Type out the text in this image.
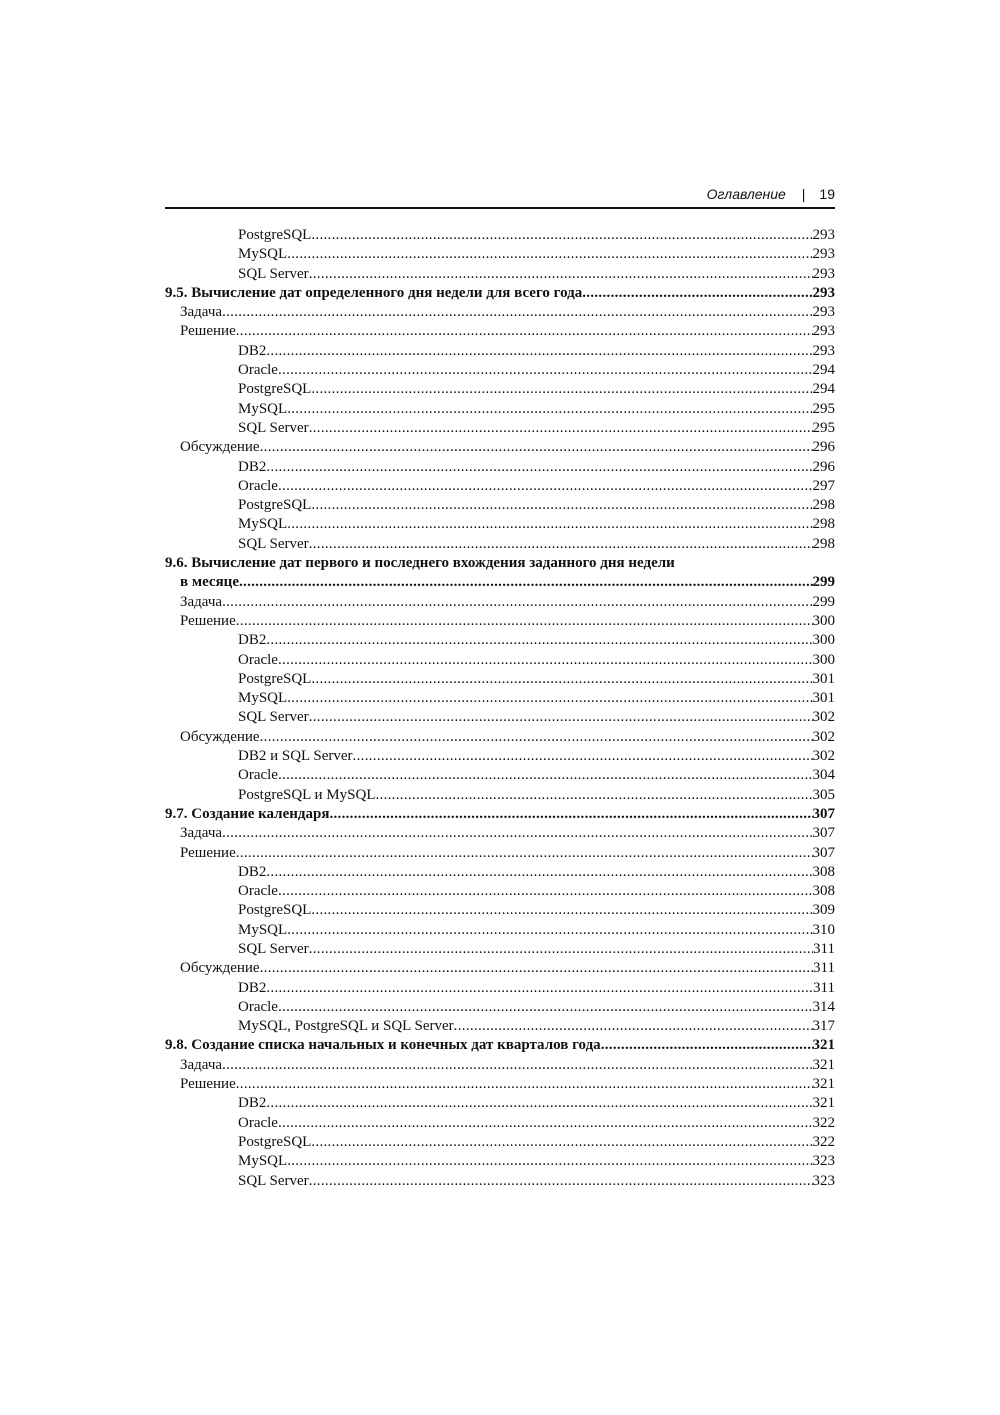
Оглавление | 19
PostgreSQL .....	293
MySQL .....	293
SQL Server .....	293
9.5. Вычисление дат определенного дня недели для всего года .....	293
Задача .....	293
Решение .....	293
DB2 .....	293
Oracle .....	294
PostgreSQL .....	294
MySQL .....	295
SQL Server .....	295
Обсуждение .....	296
DB2 .....	296
Oracle .....	297
PostgreSQL .....	298
MySQL .....	298
SQL Server .....	298
9.6. Вычисление дат первого и последнего вхождения заданного дня недели
в месяце .....	299
Задача .....	299
Решение .....	300
DB2 .....	300
Oracle .....	300
PostgreSQL .....	301
MySQL .....	301
SQL Server .....	302
Обсуждение .....	302
DB2 и SQL Server .....	302
Oracle .....	304
PostgreSQL и MySQL .....	305
9.7. Создание календаря .....	307
Задача .....	307
Решение .....	307
DB2 .....	308
Oracle .....	308
PostgreSQL .....	309
MySQL .....	310
SQL Server .....	311
Обсуждение .....	311
DB2 .....	311
Oracle .....	314
MySQL, PostgreSQL и SQL Server .....	317
9.8. Создание списка начальных и конечных дат кварталов года .....	321
Задача .....	321
Решение .....	321
DB2 .....	321
Oracle .....	322
PostgreSQL .....	322
MySQL .....	323
SQL Server .....	323
